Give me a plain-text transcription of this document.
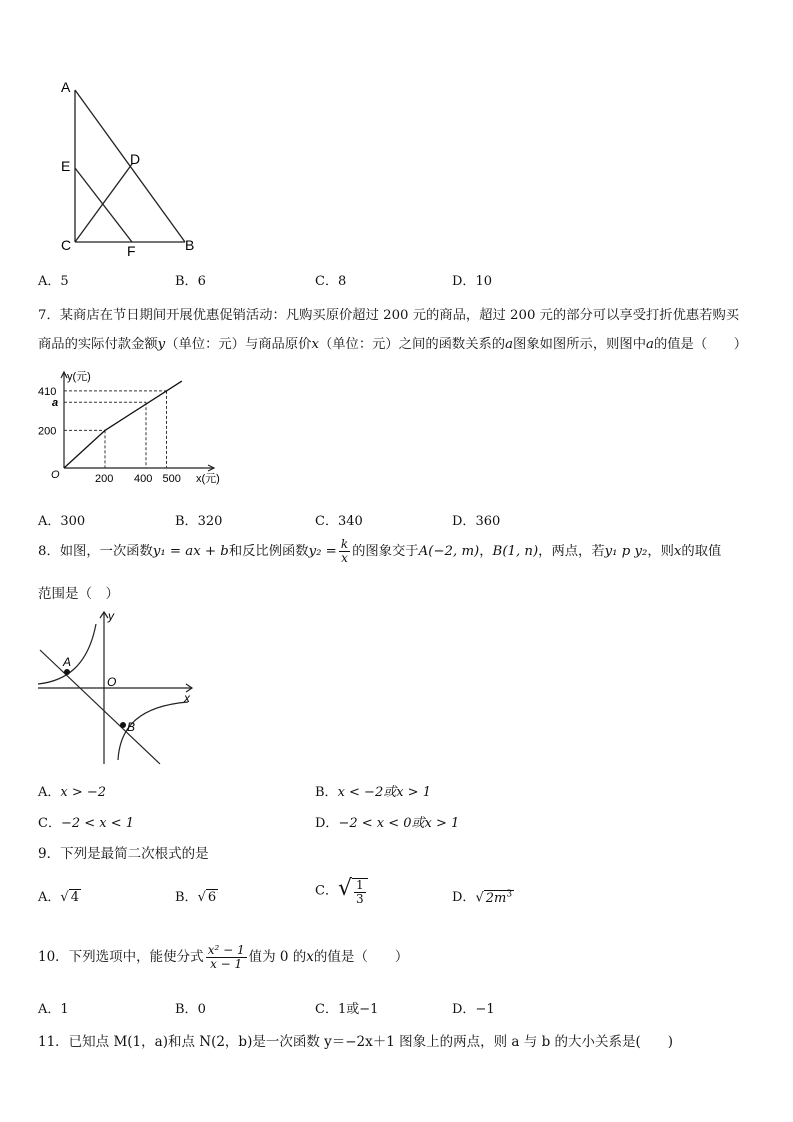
A
E	D
C	F	B
A．5	B．6	C．8	D．10
7．某商店在节日期间开展优惠促销活动：凡购买原价超过 200 元的商品，超过 200 元的部分可以享受打折优惠若购买
商品的实际付款金额y（单位：元）与商品原价x（单位：元）之间的函数关系的a图象如图所示，则图中a的值是（　　）
200 400 500
200
a
410
O
y(元)
x(元)
A．300	B．320	C．340	D．360
8．如图，一次函数y₁ = ax + b和反比例函数$y_2 = \frac{k}{x}$ 的图象交于A(−2, m)，B(1, n)，两点，若y₁ p y₂，则x的取值
范围是（　）
A
B
O
y
x
A．x > −2	B．x < −2或x > 1
C．−2 < x < 1	D．−2 < x < 0或x > 1
9．下列是最简二次根式的是
A．√ 4	B．√ 6	C．√ $\frac{1}{3}$	D．√ $2m^3$
10．下列选项中，能使分式 $\frac{\text{x² − 1}}{x - 1}$ 值为 0 的x的值是（　　）
A．1	B．0	C．1或−1	D．−1
11．已知点 M(1，a)和点 N(2，b)是一次函数 y＝−2x＋1 图象上的两点，则 a 与 b 的大小关系是(　　)
